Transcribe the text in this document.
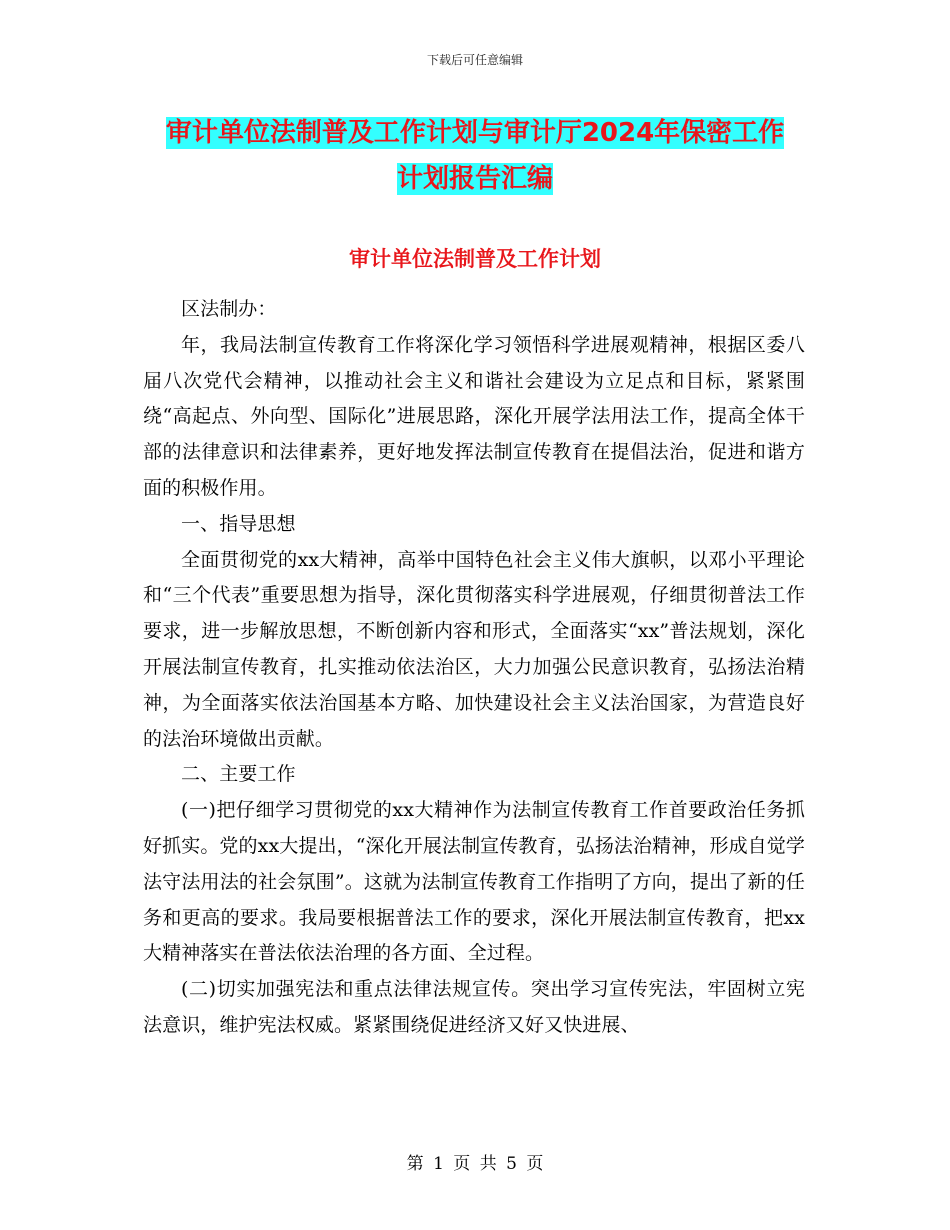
下载后可任意编辑
审计单位法制普及工作计划与审计厅2024年保密工作
计划报告汇编
审计单位法制普及工作计划

区法制办：

年，我局法制宣传教育工作将深化学习领悟科学进展观精神，根据区委八届八次党代会精神，以推动社会主义和谐社会建设为立足点和目标，紧紧围绕“高起点、外向型、国际化”进展思路，深化开展学法用法工作，提高全体干部的法律意识和法律素养，更好地发挥法制宣传教育在提倡法治，促进和谐方面的积极作用。

一、指导思想

全面贯彻党的xx大精神，高举中国特色社会主义伟大旗帜，以邓小平理论和“三个代表”重要思想为指导，深化贯彻落实科学进展观，仔细贯彻普法工作要求，进一步解放思想，不断创新内容和形式，全面落实“xx”普法规划，深化开展法制宣传教育，扎实推动依法治区，大力加强公民意识教育，弘扬法治精神，为全面落实依法治国基本方略、加快建设社会主义法治国家，为营造良好的法治环境做出贡献。

二、主要工作

(一)把仔细学习贯彻党的xx大精神作为法制宣传教育工作首要政治任务抓好抓实。党的xx大提出，“深化开展法制宣传教育，弘扬法治精神，形成自觉学法守法用法的社会氛围”。这就为法制宣传教育工作指明了方向，提出了新的任务和更高的要求。我局要根据普法工作的要求，深化开展法制宣传教育，把xx大精神落实在普法依法治理的各方面、全过程。

(二)切实加强宪法和重点法律法规宣传。突出学习宣传宪法，牢固树立宪法意识，维护宪法权威。紧紧围绕促进经济又好又快进展、

第 1 页 共 5 页
